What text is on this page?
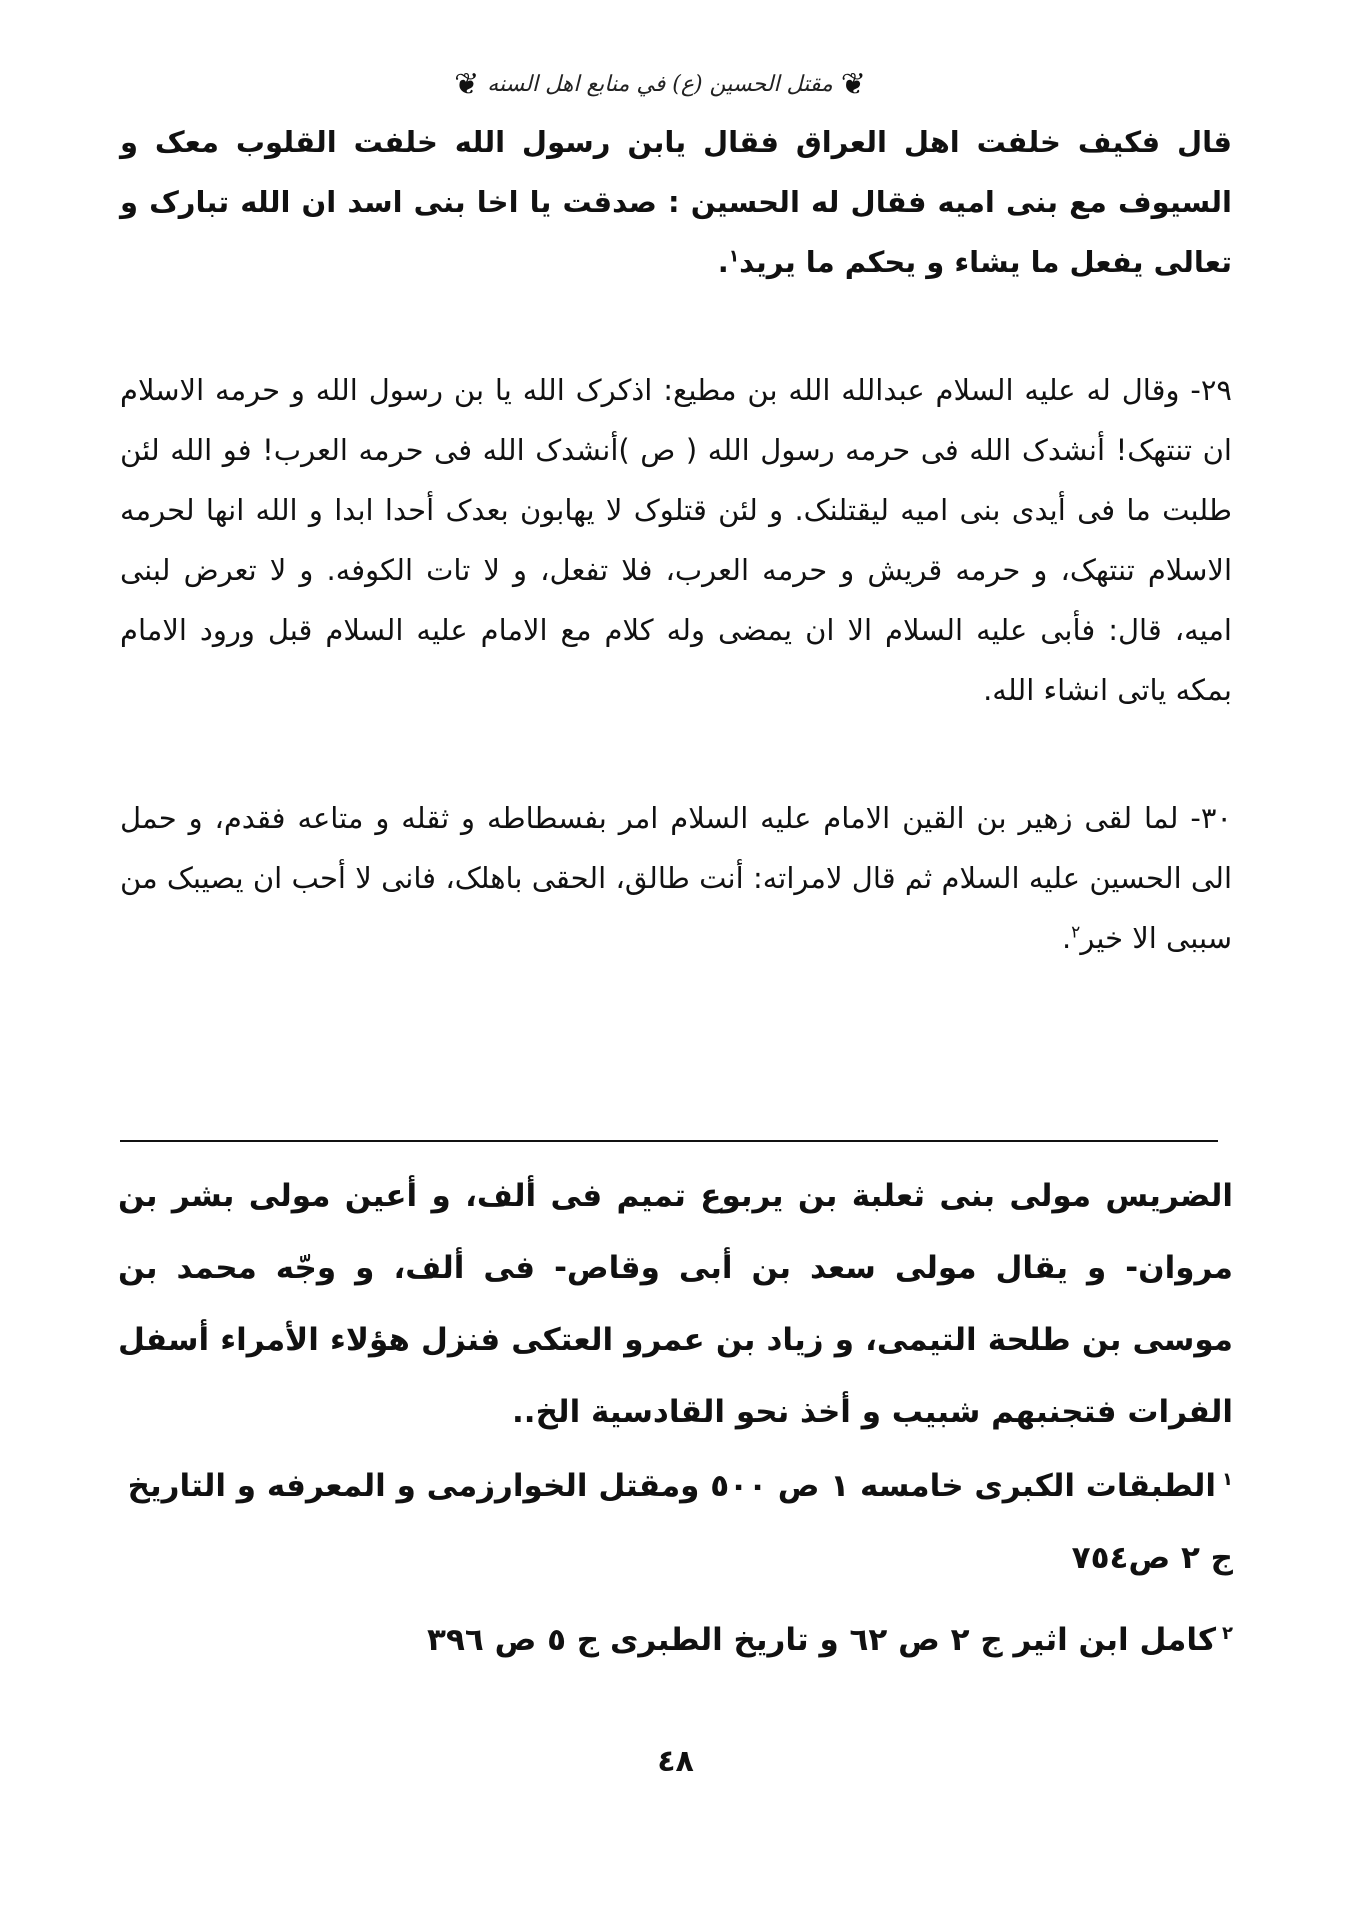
❦
مقتل الحسين (ع) في منابع اهل السنه
❦

قال فكيف خلفت اهل العراق فقال يابن رسول الله خلفت القلوب معک و السيوف مع بنی اميه فقال له الحسين : صدقت يا اخا بنی اسد ان الله تبارک و تعالی يفعل ما يشاء و يحكم ما يريد$^١$.

٢٩- وقال له عليه السلام عبدالله الله بن مطيع: اذکرک الله يا بن رسول الله و حرمه الاسلام ان تنتهک! أنشدک الله فی حرمه رسول الله ( ص )أنشدک الله فی حرمه العرب! فو الله لئن طلبت ما فی أيدی بنی اميه ليقتلنک. و لئن قتلوک لا يهابون بعدک أحدا ابدا و الله انها لحرمه الاسلام تنتهک، و حرمه قريش و حرمه العرب، فلا تفعل، و لا تات الكوفه. و لا تعرض لبنی اميه، قال: فأبی عليه السلام الا ان يمضی وله کلام مع الامام عليه السلام قبل ورود الامام بمكه ياتی انشاء الله.

٣٠- لما لقی زهير بن القين الامام عليه السلام امر بفسطاطه و ثقله و متاعه فقدم، و حمل الی الحسين عليه السلام ثم قال لامراته: أنت طالق، الحقی باهلک، فانی لا أحب ان يصيبک من سببی الا خير$^٢$.

الضريس مولی بنی ثعلبة بن يربوع تميم فی ألف، و أعين مولی بشر بن مروان- و يقال مولی سعد بن أبی وقاص- فی ألف، و وجّه محمد بن موسی بن طلحة التيمی، و زياد بن عمرو العتكی فنزل هؤلاء الأمراء أسفل الفرات فتجنبهم شبيب و أخذ نحو القادسية الخ..
$^١$الطبقات الكبری خامسه ١ ص ٥٠٠ ومقتل الخوارزمی و المعرفه و التاريخ ج ٢ ص٧٥٤
$^٢$كامل ابن اثير ج ٢ ص ٦٢ و تاريخ الطبری ج ٥ ص ٣٩٦
٤٨
